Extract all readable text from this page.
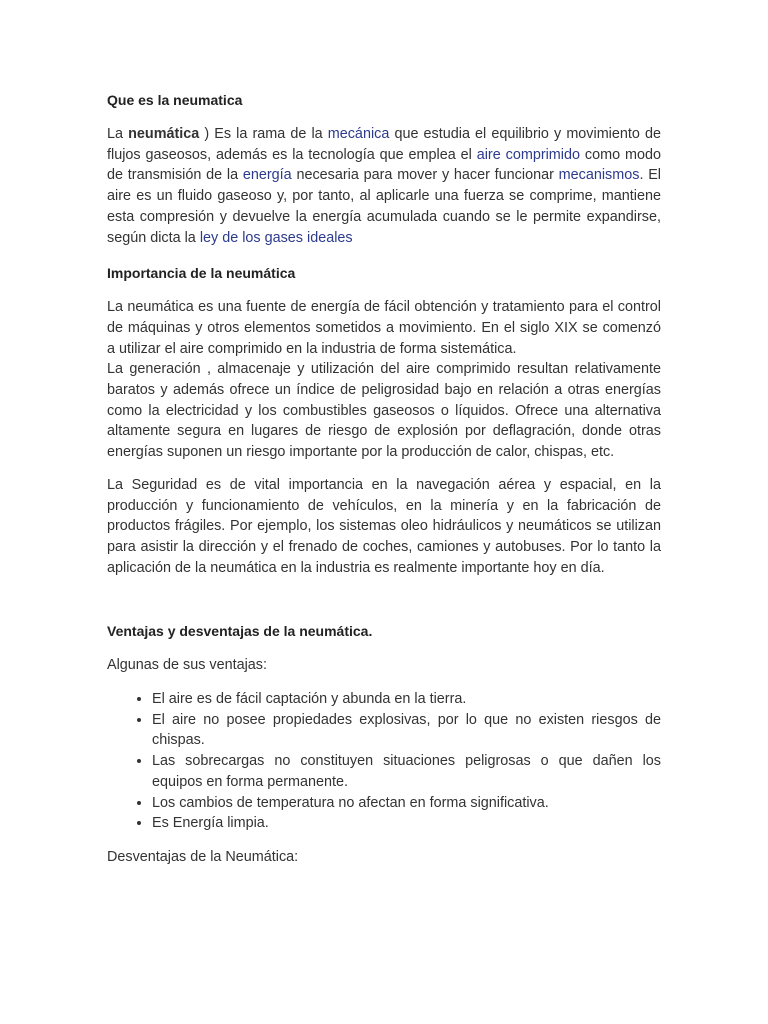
Que es la neumatica

La neumática ) Es la rama de la mecánica que estudia el equilibrio y movimiento de flujos gaseosos, además es la tecnología que emplea el aire comprimido como modo de transmisión de la energía necesaria para mover y hacer funcionar mecanismos. El aire es un fluido gaseoso y, por tanto, al aplicarle una fuerza se comprime, mantiene esta compresión y devuelve la energía acumulada cuando se le permite expandirse, según dicta la ley de los gases ideales

Importancia de la neumática

La neumática es una fuente de energía de fácil obtención y tratamiento para el control de máquinas y otros elementos sometidos a movimiento. En el siglo XIX se comenzó a utilizar el aire comprimido en la industria de forma sistemática.

La generación , almacenaje y utilización del aire comprimido resultan relativamente baratos y además ofrece un índice de peligrosidad bajo en relación a otras energías como la electricidad y los combustibles gaseosos o líquidos. Ofrece una alternativa altamente segura en lugares de riesgo de explosión por deflagración, donde otras energías suponen un riesgo importante por la producción de calor, chispas, etc.

La Seguridad es de vital importancia en la navegación aérea y espacial, en la producción y funcionamiento de vehículos, en la minería y en la fabricación de productos frágiles. Por ejemplo, los sistemas oleo hidráulicos y neumáticos se utilizan para asistir la dirección y el frenado de coches, camiones y autobuses. Por lo tanto la aplicación de la neumática en la industria es realmente importante hoy en día.

Ventajas y desventajas de la neumática.

Algunas de sus ventajas:

• El aire es de fácil captación y abunda en la tierra.
• El aire no posee propiedades explosivas, por lo que no existen riesgos de chispas.
• Las sobrecargas no constituyen situaciones peligrosas o que dañen los equipos en forma permanente.
• Los cambios de temperatura no afectan en forma significativa.
• Es Energía limpia.

Desventajas de la Neumática:
